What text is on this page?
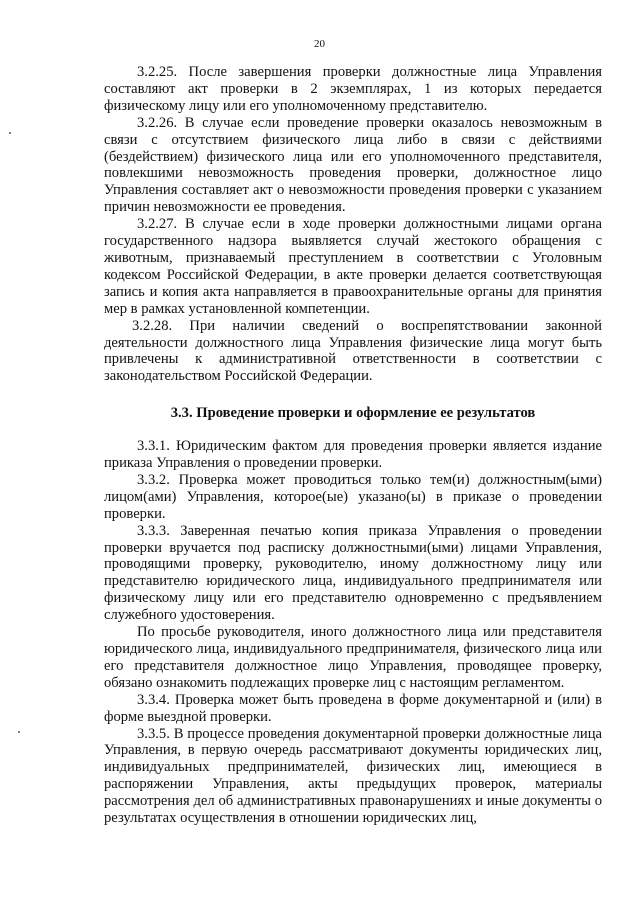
20

3.2.25. После завершения проверки должностные лица Управления составляют акт проверки в 2 экземплярах, 1 из которых передается физическому лицу или его уполномоченному представителю.

3.2.26. В случае если проведение проверки оказалось невозможным в связи с отсутствием физического лица либо в связи с действиями (бездействием) физического лица или его уполномоченного представителя, повлекшими невозможность проведения проверки, должностное лицо Управления составляет акт о невозможности проведения проверки с указанием причин невозможности ее проведения.

3.2.27. В случае если в ходе проверки должностными лицами органа государственного надзора выявляется случай жестокого обращения с животным, признаваемый преступлением в соответствии с Уголовным кодексом Российской Федерации, в акте проверки делается соответствующая запись и копия акта направляется в правоохранительные органы для принятия мер в рамках установленной компетенции.

3.2.28. При наличии сведений о воспрепятствовании законной деятельности должностного лица Управления физические лица могут быть привлечены к административной ответственности в соответствии с законодательством Российской Федерации.

3.3. Проведение проверки и оформление ее результатов

3.3.1. Юридическим фактом для проведения проверки является издание приказа Управления о проведении проверки.

3.3.2. Проверка может проводиться только тем(и) должностным(ыми) лицом(ами) Управления, которое(ые) указано(ы) в приказе о проведении проверки.

3.3.3. Заверенная печатью копия приказа Управления о проведении проверки вручается под расписку должностными(ыми) лицами Управления, проводящими проверку, руководителю, иному должностному лицу или представителю юридического лица, индивидуального предпринимателя или физическому лицу или его представителю одновременно с предъявлением служебного удостоверения.

По просьбе руководителя, иного должностного лица или представителя юридического лица, индивидуального предпринимателя, физического лица или его представителя должностное лицо Управления, проводящее проверку, обязано ознакомить подлежащих проверке лиц с настоящим регламентом.

3.3.4. Проверка может быть проведена в форме документарной и (или) в форме выездной проверки.

3.3.5. В процессе проведения документарной проверки должностные лица Управления, в первую очередь рассматривают документы юридических лиц, индивидуальных предпринимателей, физических лиц, имеющиеся в распоряжении Управления, акты предыдущих проверок, материалы рассмотрения дел об административных правонарушениях и иные документы о результатах осуществления в отношении юридических лиц,
